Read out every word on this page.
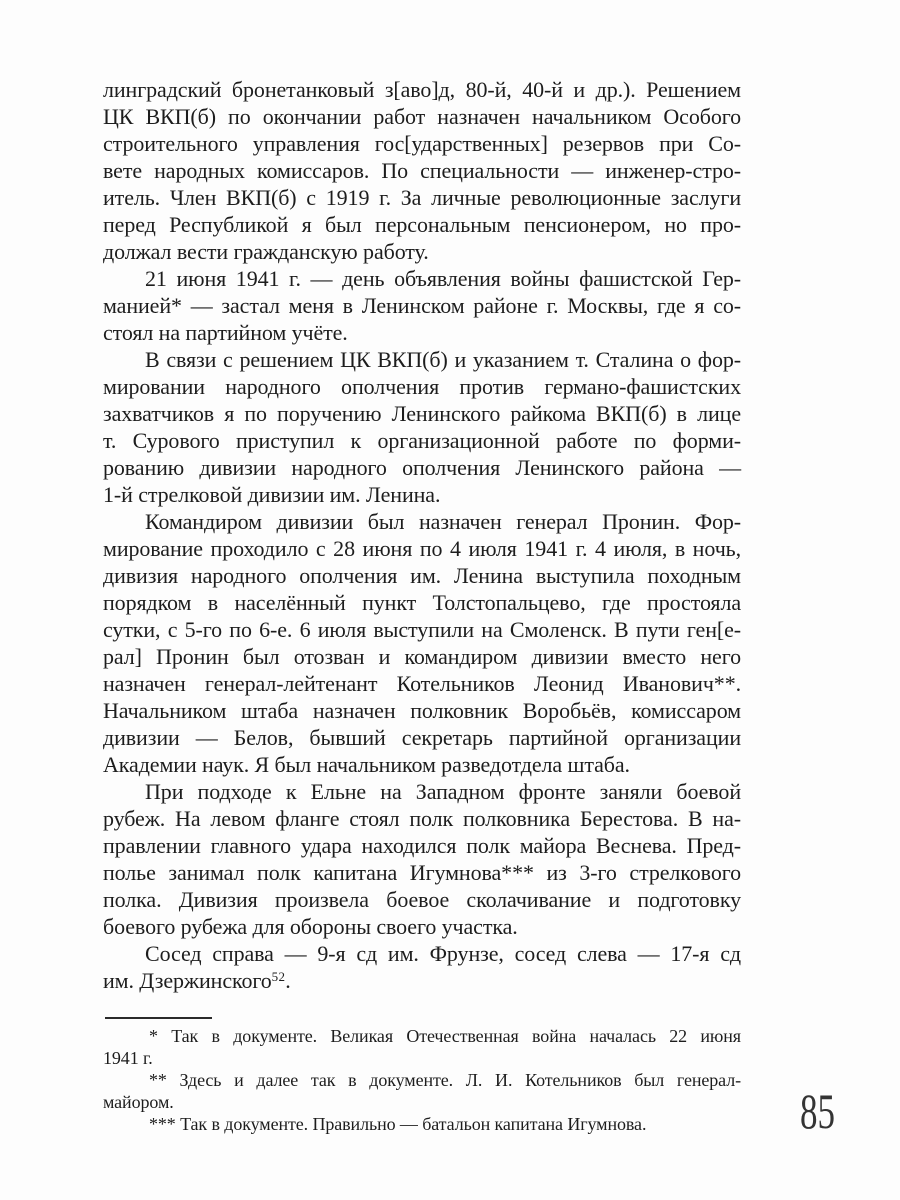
линградский бронетанковый з[аво]д, 80-й, 40-й и др.). Решением
ЦК ВКП(б) по окончании работ назначен начальником Особого
строительного управления гос[ударственных] резервов при Со-
вете народных комиссаров. По специальности — инженер-стро-
итель. Член ВКП(б) с 1919 г. За личные революционные заслуги
перед Республикой я был персональным пенсионером, но про-
должал вести гражданскую работу.
21 июня 1941 г. — день объявления войны фашистской Гер-
манией* — застал меня в Ленинском районе г. Москвы, где я со-
стоял на партийном учёте.
В связи с решением ЦК ВКП(б) и указанием т. Сталина о фор-
мировании народного ополчения против германо-фашистских
захватчиков я по поручению Ленинского райкома ВКП(б) в лице
т. Сурового приступил к организационной работе по форми-
рованию дивизии народного ополчения Ленинского района —
1-й стрелковой дивизии им. Ленина.
Командиром дивизии был назначен генерал Пронин. Фор-
мирование проходило с 28 июня по 4 июля 1941 г. 4 июля, в ночь,
дивизия народного ополчения им. Ленина выступила походным
порядком в населённый пункт Толстопальцево, где простояла
сутки, с 5-го по 6-е. 6 июля выступили на Смоленск. В пути ген[е-
рал] Пронин был отозван и командиром дивизии вместо него
назначен генерал-лейтенант Котельников Леонид Иванович**.
Начальником штаба назначен полковник Воробьёв, комиссаром
дивизии — Белов, бывший секретарь партийной организации
Академии наук. Я был начальником разведотдела штаба.
При подходе к Ельне на Западном фронте заняли боевой
рубеж. На левом фланге стоял полк полковника Берестова. В на-
правлении главного удара находился полк майора Веснева. Пред-
полье занимал полк капитана Игумнова*** из 3-го стрелкового
полка. Дивизия произвела боевое сколачивание и подготовку
боевого рубежа для обороны своего участка.
Сосед справа — 9-я сд им. Фрунзе, сосед слева — 17-я сд
им. Дзержинского$^{52}$.
* Так в документе. Великая Отечественная война началась 22 июня
1941 г.
** Здесь и далее так в документе. Л. И. Котельников был генерал-
майором.
*** Так в документе. Правильно — батальон капитана Игумнова.	85
